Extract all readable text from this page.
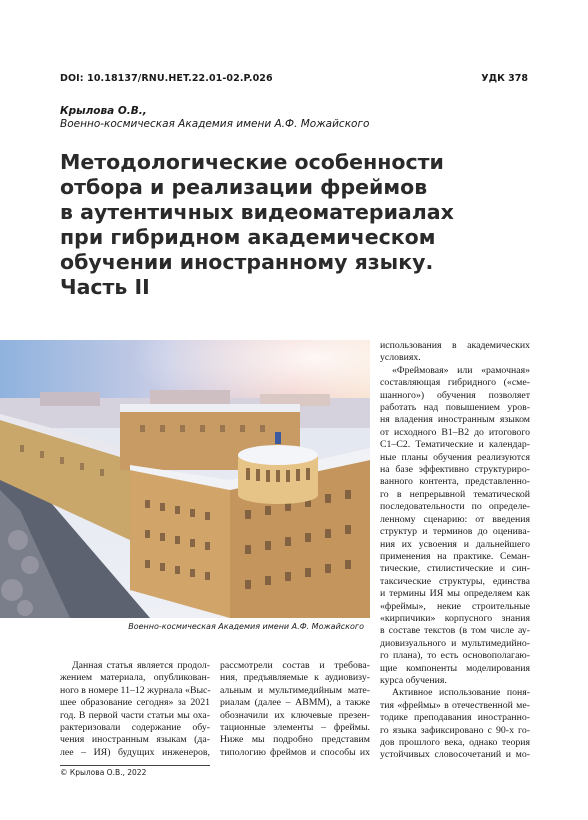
DOI: 10.18137/RNU.HET.22.01-02.P.026	УДК 378
Крылова О.В.,
Военно-космическая Академия имени А.Ф. Можайского
Методологические особенности
отбора и реализации фреймов
в аутентичных видеоматериалах
при гибридном академическом
обучении иностранному языку.
Часть II
Военно-космическая Академия имени А.Ф. Можайского
Данная статья является продол-
жением материала, опубликован-
ного в номере 11–12 журнала «Выс-
шее образование сегодня» за 2021
год. В первой части статьи мы оха-
рактеризовали содержание обу-
чения иностранным языкам (да-
лее – ИЯ) будущих инженеров,
рассмотрели состав и требова-
ния, предъявляемые к аудиовизу-
альным и мультимедийным мате-
риалам (далее – АВММ), а также
обозначили их ключевые презен-
тационные элементы – фреймы.
Ниже мы подробно представим
типологию фреймов и способы их
использования в академических
условиях.
«Фреймовая» или «рамочная»
составляющая гибридного («сме-
шанного») обучения позволяет
работать над повышением уров-
ня владения иностранным языком
от исходного В1–В2 до итогового
С1–С2. Тематические и календар-
ные планы обучения реализуются
на базе эффективно структуриро-
ванного контента, представленно-
го в непрерывной тематической
последовательности по определе-
ленному сценарию: от введения
структур и терминов до оценива-
ния их усвоения и дальнейшего
применения на практике. Семан-
тические, стилистические и син-
таксические структуры, единства
и термины ИЯ мы определяем как
«фреймы», некие строительные
«кирпичики» корпусного знания
в составе текстов (в том числе ау-
диовизуального и мультимедийно-
го плана), то есть основополагаю-
щие компоненты моделирования
курса обучения.
Активное использование поня-
тия «фреймы» в отечественной ме-
тодике преподавания иностранно-
го языка зафиксировано с 90-х го-
дов прошлого века, однако теория
устойчивых словосочетаний и мо-
© Крылова О.В., 2022
